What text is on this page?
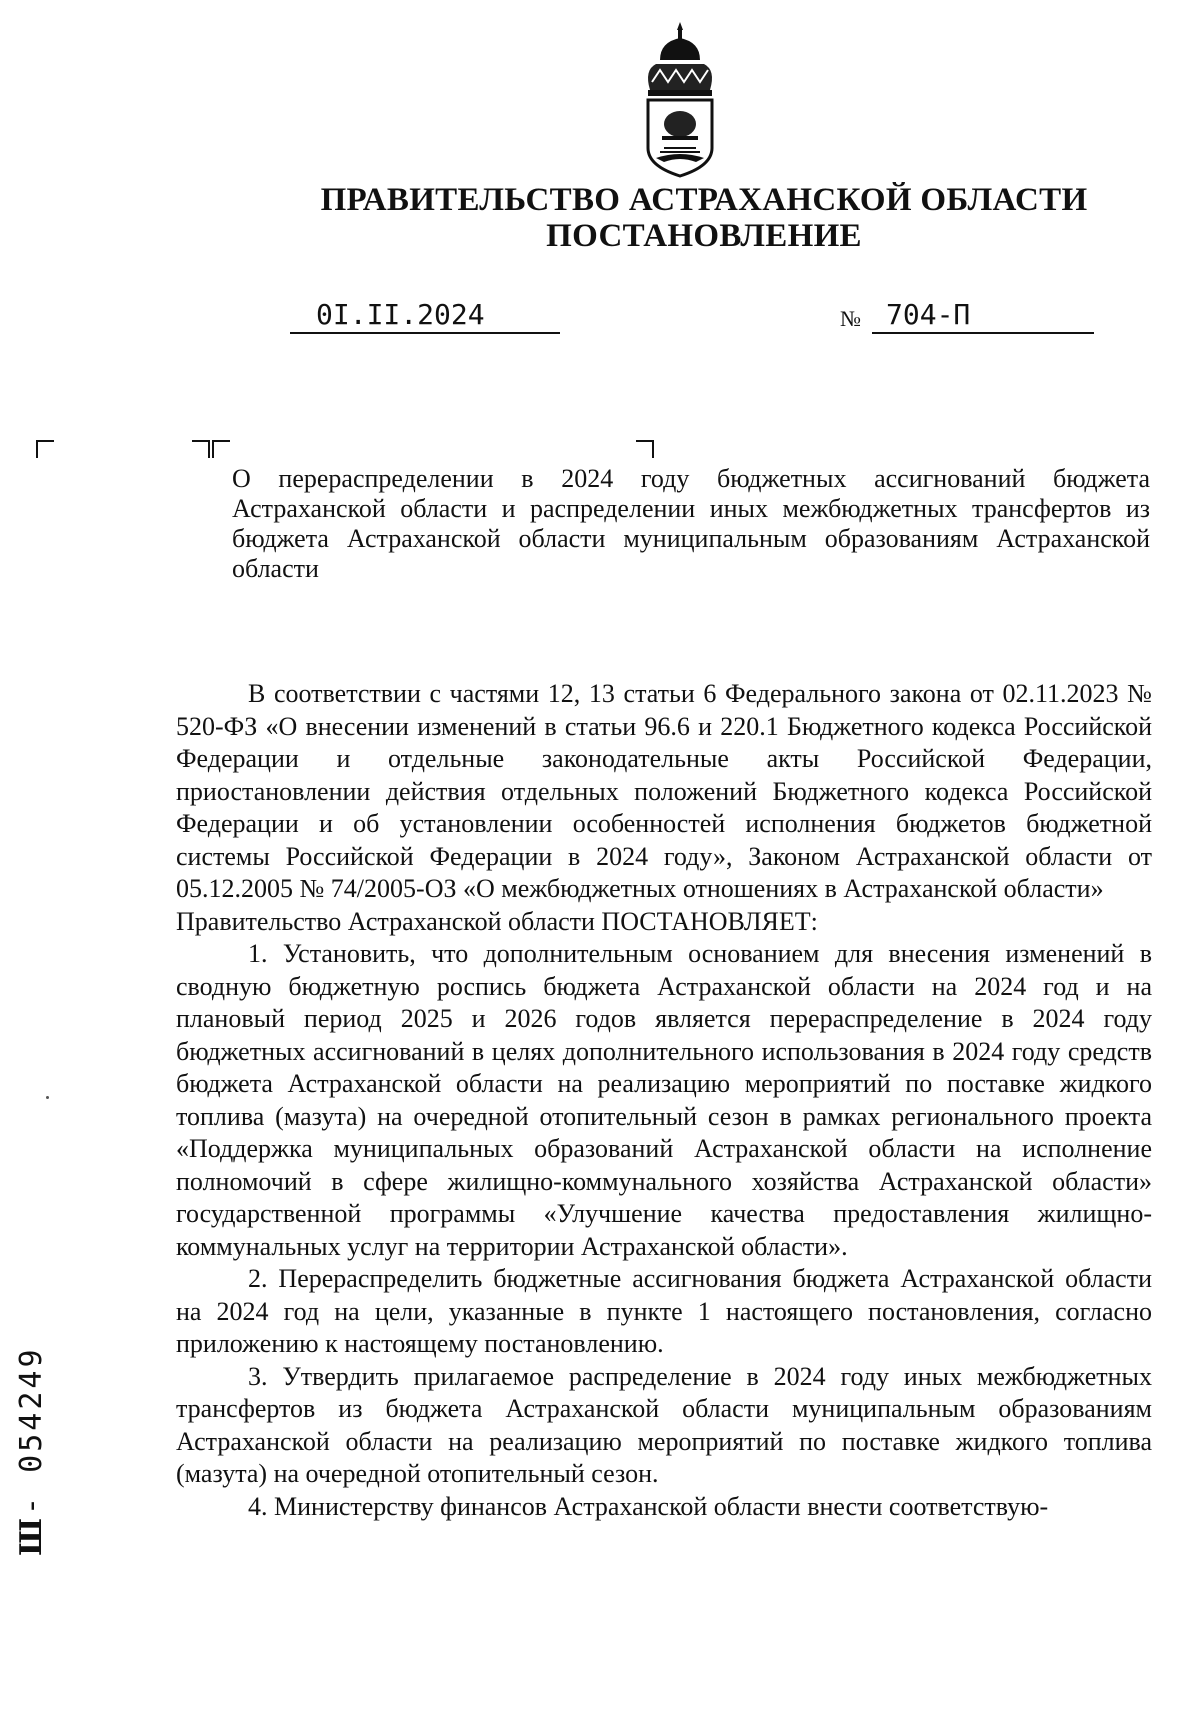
ПРАВИТЕЛЬСТВО АСТРАХАНСКОЙ ОБЛАСТИ
ПОСТАНОВЛЕНИЕ
0I.II.2024	№ 704-П

О перераспределении в 2024 году бюджетных ассигнований бюджета Астраханской области и распределении иных межбюджетных трансфертов из бюджета Астраханской области муниципальным образованиям Астраханской области

В соответствии с частями 12, 13 статьи 6 Федерального закона от 02.11.2023 № 520-ФЗ «О внесении изменений в статьи 96.6 и 220.1 Бюджетного кодекса Российской Федерации и отдельные законодательные акты Российской Федерации, приостановлении действия отдельных положений Бюджетного кодекса Российской Федерации и об установлении особенностей исполнения бюджетов бюджетной системы Российской Федерации в 2024 году», Законом Астраханской области от 05.12.2005 № 74/2005-ОЗ «О межбюджетных отношениях в Астраханской области»

Правительство Астраханской области ПОСТАНОВЛЯЕТ:

1. Установить, что дополнительным основанием для внесения изменений в сводную бюджетную роспись бюджета Астраханской области на 2024 год и на плановый период 2025 и 2026 годов является перераспределение в 2024 году бюджетных ассигнований в целях дополнительного использования в 2024 году средств бюджета Астраханской области на реализацию мероприятий по поставке жидкого топлива (мазута) на очередной отопительный сезон в рамках регионального проекта «Поддержка муниципальных образований Астраханской области на исполнение полномочий в сфере жилищно-коммунального хозяйства Астраханской области» государственной программы «Улучшение качества предоставления жилищно-коммунальных услуг на территории Астраханской области».

2. Перераспределить бюджетные ассигнования бюджета Астраханской области на 2024 год на цели, указанные в пункте 1 настоящего постановления, согласно приложению к настоящему постановлению.

3. Утвердить прилагаемое распределение в 2024 году иных межбюджетных трансфертов из бюджета Астраханской области муниципальным образованиям Астраханской области на реализацию мероприятий по поставке жидкого топлива (мазута) на очередной отопительный сезон.

4. Министерству финансов Астраханской области внести соответствую-

Ш- 054249
